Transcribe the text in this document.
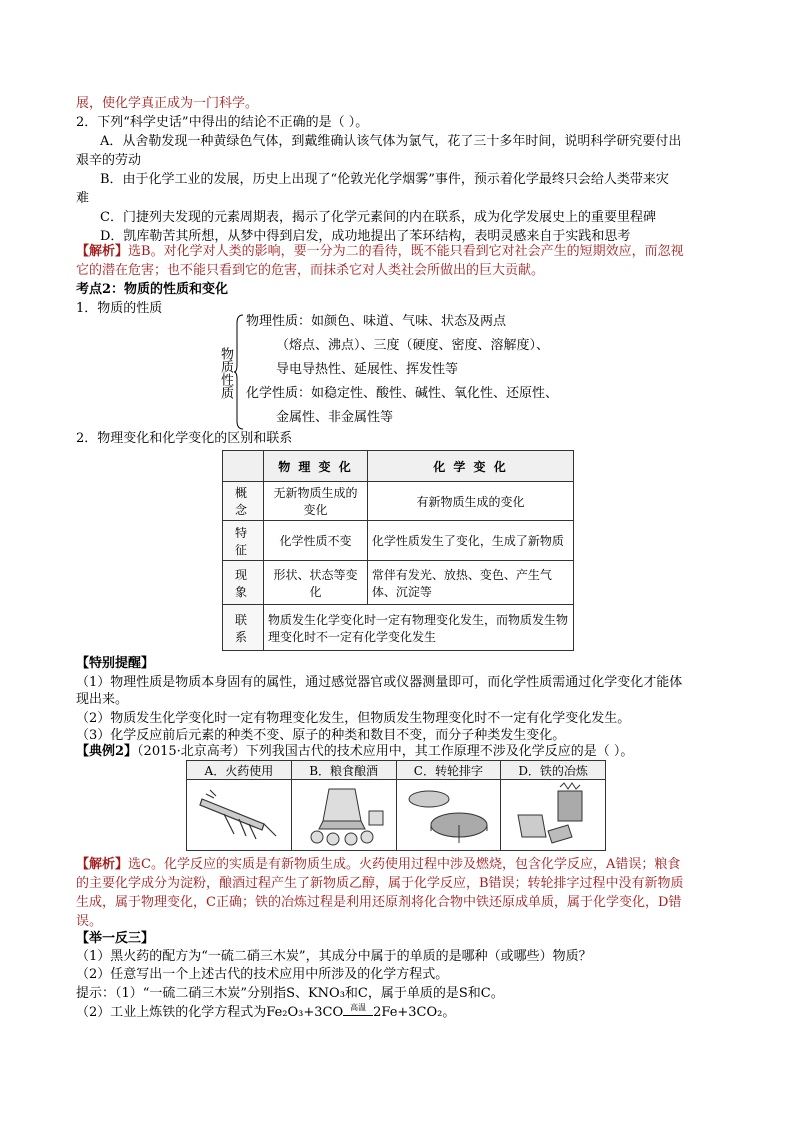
展，使化学真正成为一门科学。
2．下列“科学史话”中得出的结论不正确的是（ ）。
A．从舍勒发现一种黄绿色气体，到戴维确认该气体为氯气，花了三十多年时间，说明科学研究要付出
艰辛的劳动
B．由于化学工业的发展，历史上出现了“伦敦光化学烟雾”事件，预示着化学最终只会给人类带来灾
难
C．门捷列夫发现的元素周期表，揭示了化学元素间的内在联系，成为化学发展史上的重要里程碑
D．凯库勒苦其所想，从梦中得到启发，成功地提出了苯环结构，表明灵感来自于实践和思考
【解析】选B。对化学对人类的影响，要一分为二的看待，既不能只看到它对社会产生的短期效应，而忽视
它的潜在危害；也不能只看到它的危害，而抹杀它对人类社会所做出的巨大贡献。
考点2：物质的性质和变化
1．物质的性质
物质性质
物理性质：如颜色、味道、气味、状态及两点
（熔点、沸点）、三度（硬度、密度、溶解度）、
导电导热性、延展性、挥发性等
化学性质：如稳定性、酸性、碱性、氧化性、还原性、
金属性、非金属性等
2．物理变化和化学变化的区别和联系
	物 理 变 化	化 学 变 化
概 念	无新物质生成的变化	有新物质生成的变化
特 征	化学性质不变	化学性质发生了变化，生成了新物质
现 象	形状、状态等变化	常伴有发光、放热、变色、产生气体、沉淀等
联 系	物质发生化学变化时一定有物理变化发生，而物质发生物理变化时不一定有化学变化发生	
【特别提醒】
（1）物理性质是物质本身固有的属性，通过感觉器官或仪器测量即可，而化学性质需通过化学变化才能体
现出来。
（2）物质发生化学变化时一定有物理变化发生，但物质发生物理变化时不一定有化学变化发生。
（3）化学反应前后元素的种类不变、原子的种类和数目不变，而分子种类发生变化。
【典例2】（2015·北京高考）下列我国古代的技术应用中，其工作原理不涉及化学反应的是（ ）。
A．火药使用	B．粮食酿酒	C．转轮排字	D．铁的冶炼

【解析】选C。化学反应的实质是有新物质生成。火药使用过程中涉及燃烧，包含化学反应，A错误；粮食
的主要化学成分为淀粉，酿酒过程产生了新物质乙醇，属于化学反应，B错误；转轮排字过程中没有新物质
生成，属于物理变化，C正确；铁的冶炼过程是利用还原剂将化合物中铁还原成单质，属于化学变化，D错
误。
【举一反三】
（1）黑火药的配方为“一硫二硝三木炭”，其成分中属于的单质的是哪种（或哪些）物质？
（2）任意写出一个上述古代的技术应用中所涉及的化学方程式。
提示：（1）“一硫二硝三木炭”分别指S、KNO₃和C，属于单质的是S和C。
（2）工业上炼铁的化学方程式为Fe₂O₃+3CO 高温 2Fe+3CO₂。
